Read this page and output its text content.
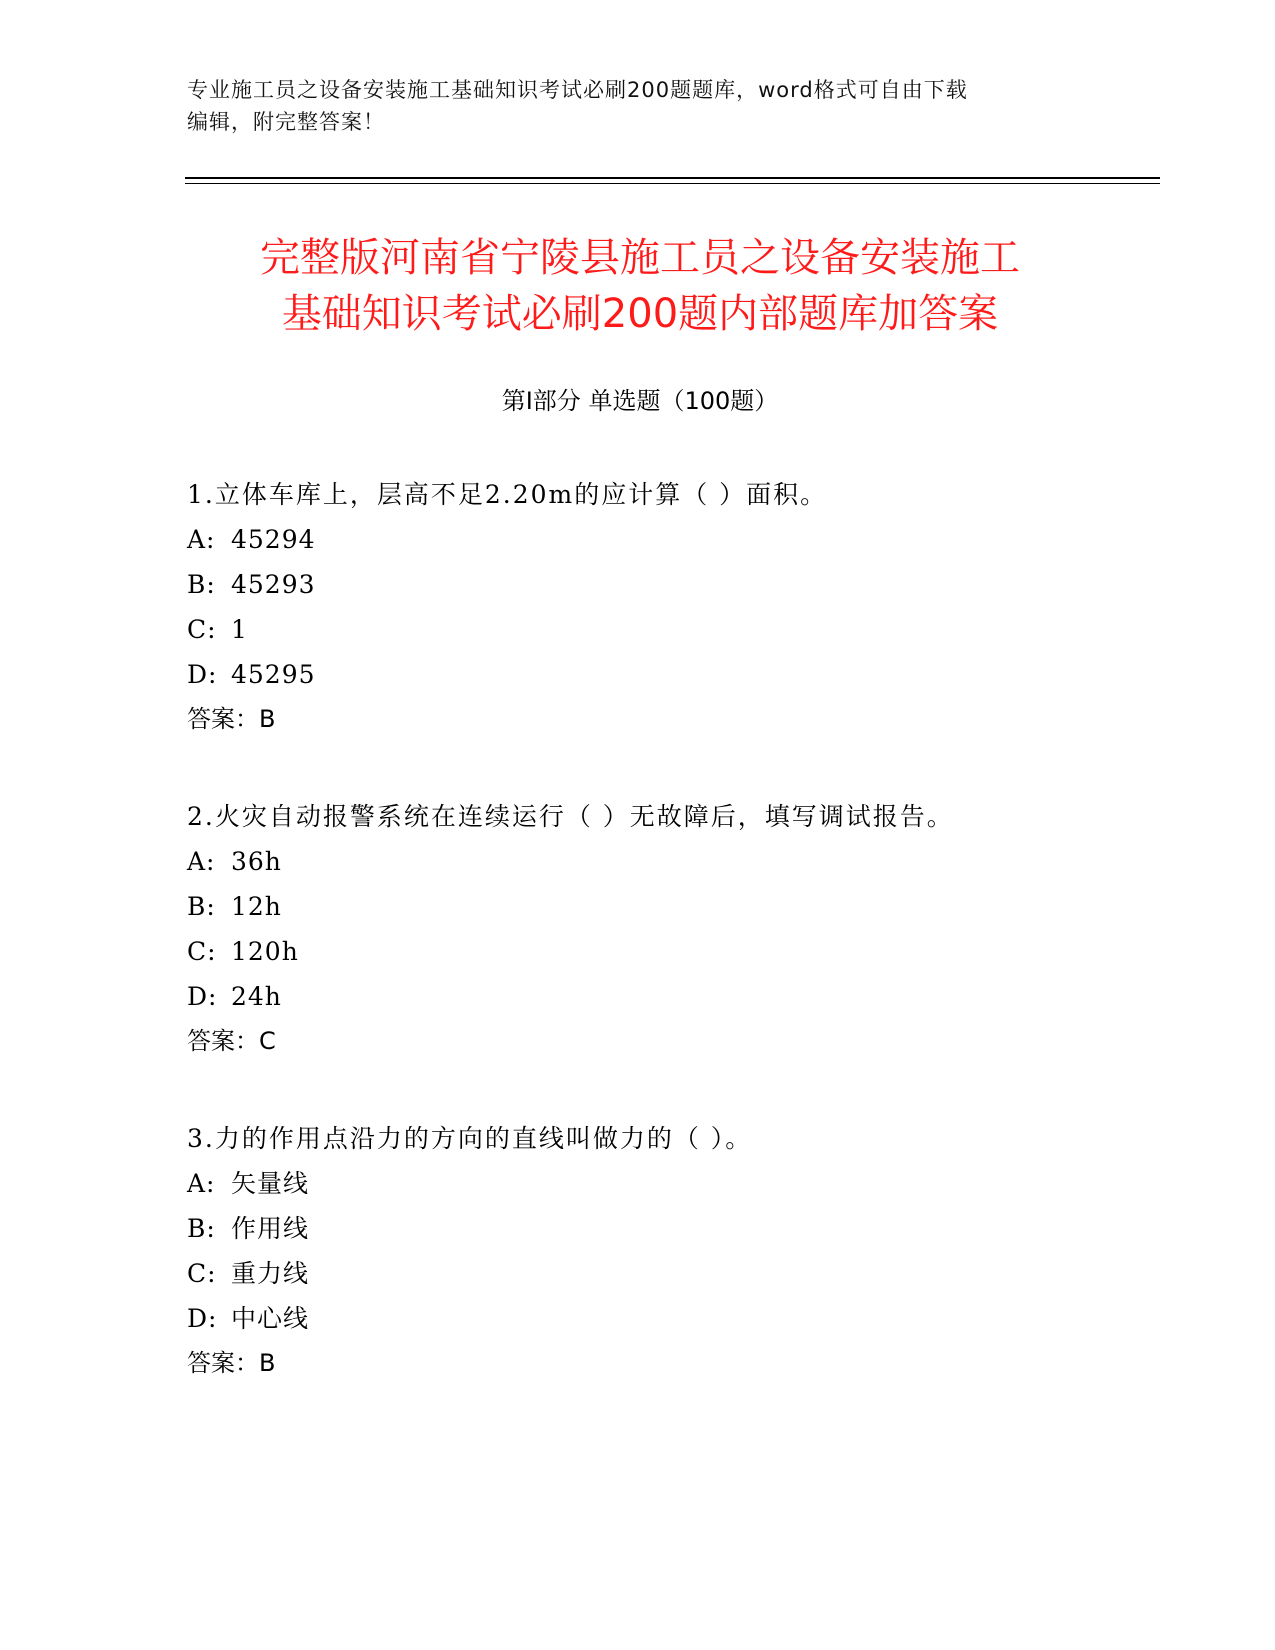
专业施工员之设备安装施工基础知识考试必刷200题题库，word格式可自由下载
编辑，附完整答案！
完整版河南省宁陵县施工员之设备安装施工
基础知识考试必刷200题内部题库加答案
第Ⅰ部分 单选题（100题）
1.立体车库上，层高不足2.20m的应计算（ ）面积。
A: 45294
B: 45293
C: 1
D: 45295
答案：B
2.火灾自动报警系统在连续运行（ ）无故障后，填写调试报告。
A: 36h
B: 12h
C: 120h
D: 24h
答案：C
3.力的作用点沿力的方向的直线叫做力的（ ）。
A: 矢量线
B: 作用线
C: 重力线
D: 中心线
答案：B
